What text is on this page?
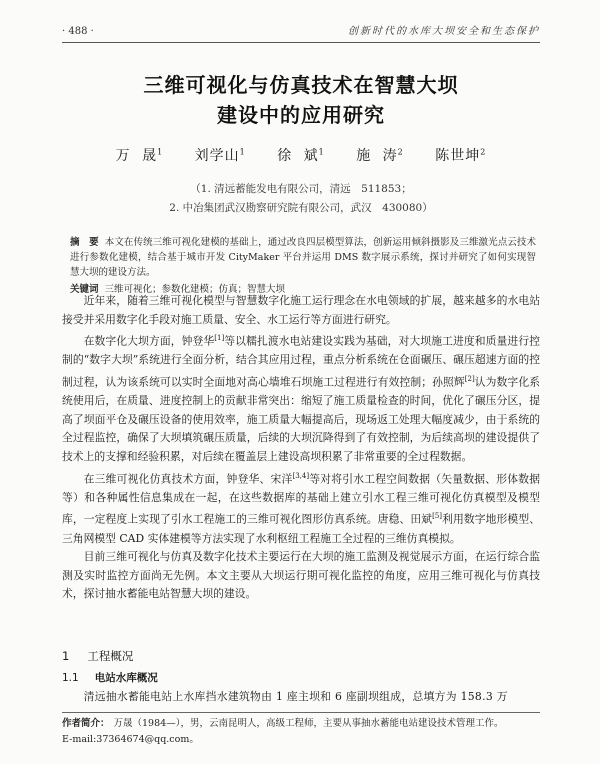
· 488 ·	创新时代的水库大坝安全和生态保护
三维可视化与仿真技术在智慧大坝
建设中的应用研究
万 晟$^1$ 刘学山$^1$ 徐 斌$^1$ 施 涛$^2$ 陈世坤$^2$
（1. 清远蓄能发电有限公司，清远　511853；
2. 中冶集团武汉勘察研究院有限公司，武汉　430080）

摘　要 本文在传统三维可视化建模的基础上，通过改良四层模型算法，创新运用倾斜摄影及三维激光点云技术进行参数化建模，结合基于城市开发 CityMaker 平台并运用 DMS 数字展示系统，探讨并研究了如何实现智慧大坝的建设方法。

关键词 三维可视化；参数化建模；仿真；智慧大坝

近年来，随着三维可视化模型与智慧数字化施工运行理念在水电领域的扩展，越来越多的水电站接受并采用数字化手段对施工质量、安全、水工运行等方面进行研究。

在数字化大坝方面，钟登华[1]等以糯扎渡水电站建设实践为基础，对大坝施工进度和质量进行控制的“数字大坝”系统进行全面分析，结合其应用过程，重点分析系统在仓面碾压、碾压超速方面的控制过程，认为该系统可以实时全面地对高心墙堆石坝施工过程进行有效控制；孙照辉[2]认为数字化系统使用后，在质量、进度控制上的贡献非常突出：缩短了施工质量检查的时间，优化了碾压分区，提高了坝面平仓及碾压设备的使用效率，施工质量大幅提高后，现场返工处理大幅度减少，由于系统的全过程监控，确保了大坝填筑碾压质量，后续的大坝沉降得到了有效控制，为后续高坝的建设提供了技术上的支撑和经验积累，对后续在覆盖层上建设高坝积累了非常重要的全过程数据。

在三维可视化仿真技术方面，钟登华、宋洋[3,4]等对将引水工程空间数据（矢量数据、形体数据等）和各种属性信息集成在一起，在这些数据库的基础上建立引水工程三维可视化仿真模型及模型库，一定程度上实现了引水工程施工的三维可视化图形仿真系统。唐稳、田斌[5]利用数字地形模型、三角网模型 CAD 实体建模等方法实现了水利枢纽工程施工全过程的三维仿真模拟。

目前三维可视化与仿真及数字化技术主要运行在大坝的施工监测及视觉展示方面，在运行综合监测及实时监控方面尚无先例。本文主要从大坝运行期可视化监控的角度，应用三维可视化与仿真技术，探讨抽水蓄能电站智慧大坝的建设。

1 工程概况
1.1 电站水库概况
清远抽水蓄能电站上水库挡水建筑物由 1 座主坝和 6 座副坝组成，总填方为 158.3 万
作者简介： 万晟（1984—），男，云南昆明人，高级工程师，主要从事抽水蓄能电站建设技术管理工作。
E-mail:37364674@qq.com。
